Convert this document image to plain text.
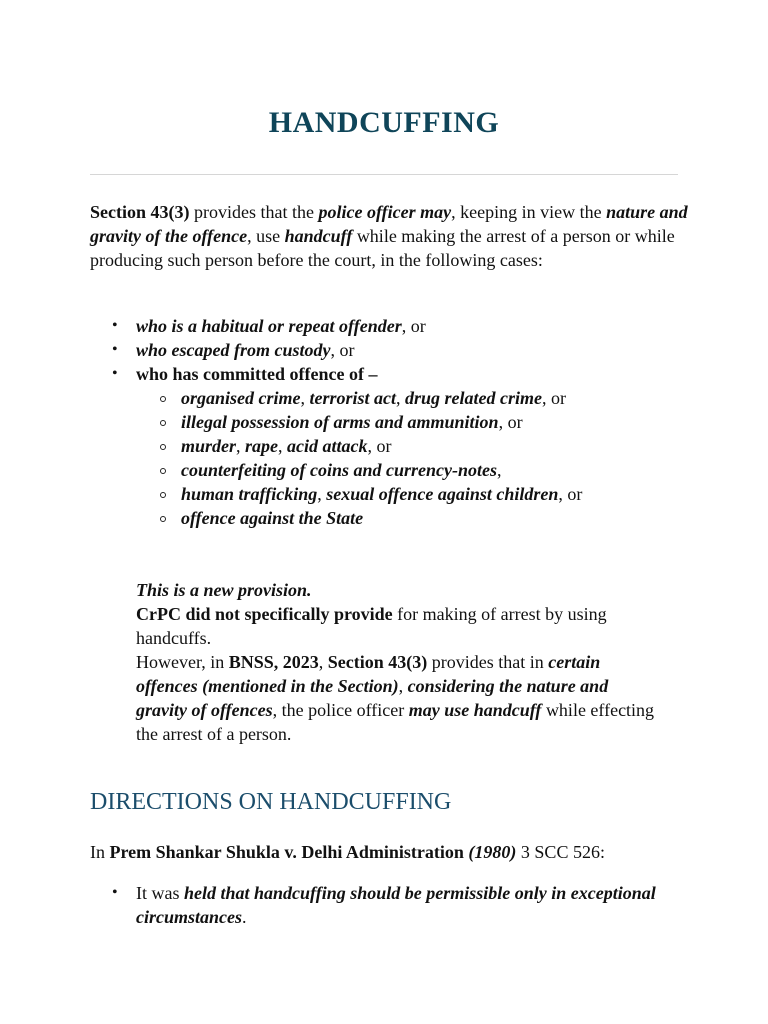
HANDCUFFING

Section 43(3) provides that the police officer may, keeping in view the nature and gravity of the offence, use handcuff while making the arrest of a person or while producing such person before the court, in the following cases:

• who is a habitual or repeat offender, or
• who escaped from custody, or
• who has committed offence of –
organised crime, terrorist act, drug related crime, or
illegal possession of arms and ammunition, or
murder, rape, acid attack, or
counterfeiting of coins and currency-notes,
human trafficking, sexual offence against children, or
offence against the State
This is a new provision.
CrPC did not specifically provide for making of arrest by using handcuffs.
However, in BNSS, 2023, Section 43(3) provides that in certain offences (mentioned in the Section), considering the nature and gravity of offences, the police officer may use handcuff while effecting the arrest of a person.
DIRECTIONS ON HANDCUFFING

In Prem Shankar Shukla v. Delhi Administration (1980) 3 SCC 526:

• It was held that handcuffing should be permissible only in exceptional circumstances.
